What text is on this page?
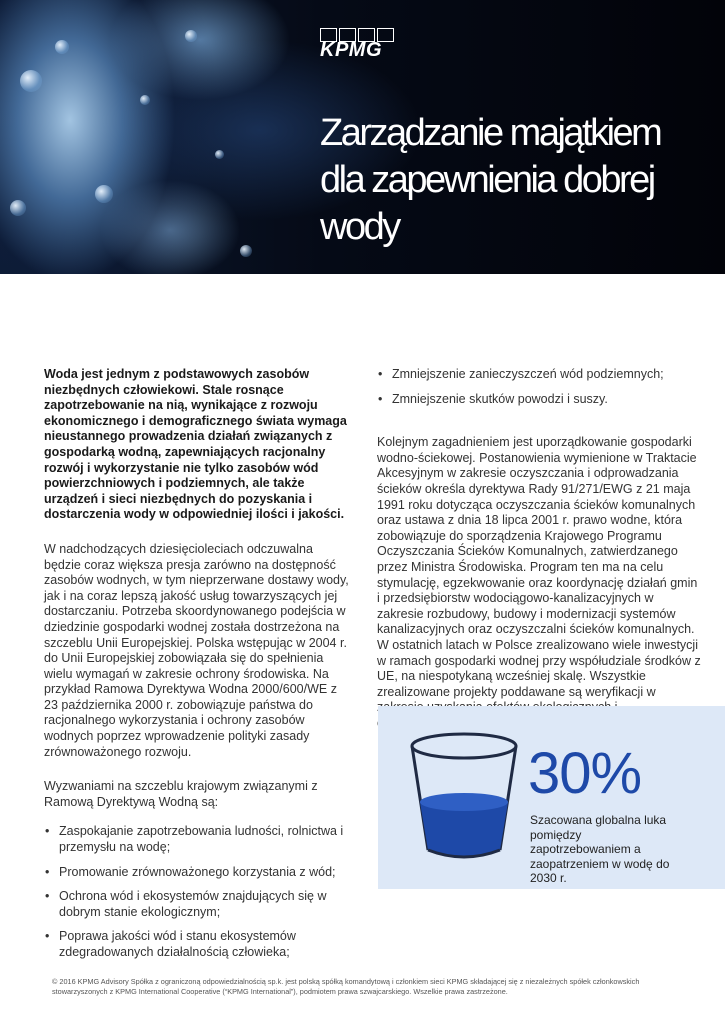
KPMG
Zarządzanie majątkiem dla zapewnienia dobrej wody

Woda jest jednym z podstawowych zasobów niezbędnych człowiekowi. Stale rosnące zapotrzebowanie na nią, wynikające z rozwoju ekonomicznego i demograficznego świata wymaga nieustannego prowadzenia działań związanych z gospodarką wodną, zapewniających racjonalny rozwój i wykorzystanie nie tylko zasobów wód powierzchniowych i podziemnych, ale także urządzeń i sieci niezbędnych do pozyskania i dostarczenia wody w odpowiedniej ilości i jakości.

W nadchodzących dziesięcioleciach odczuwalna będzie coraz większa presja zarówno na dostępność zasobów wodnych, w tym nieprzerwane dostawy wody, jak i na coraz lepszą jakość usług towarzyszących jej dostarczaniu. Potrzeba skoordynowanego podejścia w dziedzinie gospodarki wodnej została dostrzeżona na szczeblu Unii Europejskiej. Polska wstępując w 2004 r. do Unii Europejskiej zobowiązała się do spełnienia wielu wymagań w zakresie ochrony środowiska. Na przykład Ramowa Dyrektywa Wodna 2000/600/WE z 23 października 2000 r. zobowiązuje państwa do racjonalnego wykorzystania i ochrony zasobów wodnych poprzez wprowadzenie polityki zasady zrównoważonego rozwoju.

Wyzwaniami na szczeblu krajowym związanymi z Ramową Dyrektywą Wodną są:

• Zaspokajanie zapotrzebowania ludności, rolnictwa i przemysłu na wodę;
• Promowanie zrównoważonego korzystania z wód;
• Ochrona wód i ekosystemów znajdujących się w dobrym stanie ekologicznym;
• Poprawa jakości wód i stanu ekosystemów zdegradowanych działalnością człowieka;
• Zmniejszenie zanieczyszczeń wód podziemnych;
• Zmniejszenie skutków powodzi i suszy.

Kolejnym zagadnieniem jest uporządkowanie gospodarki wodno-ściekowej. Postanowienia wymienione w Traktacie Akcesyjnym w zakresie oczyszczania i odprowadzania ścieków określa dyrektywa Rady 91/271/EWG z 21 maja 1991 roku dotycząca oczyszczania ścieków komunalnych oraz ustawa z dnia 18 lipca 2001 r. prawo wodne, która zobowiązuje do sporządzenia Krajowego Programu Oczyszczania Ścieków Komunalnych, zatwierdzanego przez Ministra Środowiska. Program ten ma na celu stymulację, egzekwowanie oraz koordynację działań gmin i przedsiębiorstw wodociągowo-kanalizacyjnych w zakresie rozbudowy, budowy i modernizacji systemów kanalizacyjnych oraz oczyszczalni ścieków komunalnych. W ostatnich latach w Polsce zrealizowano wiele inwestycji w ramach gospodarki wodnej przy współudziale środków z UE, na niespotykaną wcześniej skalę. Wszystkie zrealizowane projekty poddawane są weryfikacji w

30%
Szacowana globalna luka pomiędzy zapotrzebowaniem a zaopatrzeniem w wodę do 2030 r.
© 2016 KPMG Advisory Spółka z ograniczoną odpowiedzialnością sp.k. jest polską spółką komandytową i członkiem sieci KPMG składającej się z niezależnych spółek członkowskich stowarzyszonych z KPMG International Cooperative (“KPMG International”), podmiotem prawa szwajcarskiego. Wszelkie prawa zastrzeżone.
